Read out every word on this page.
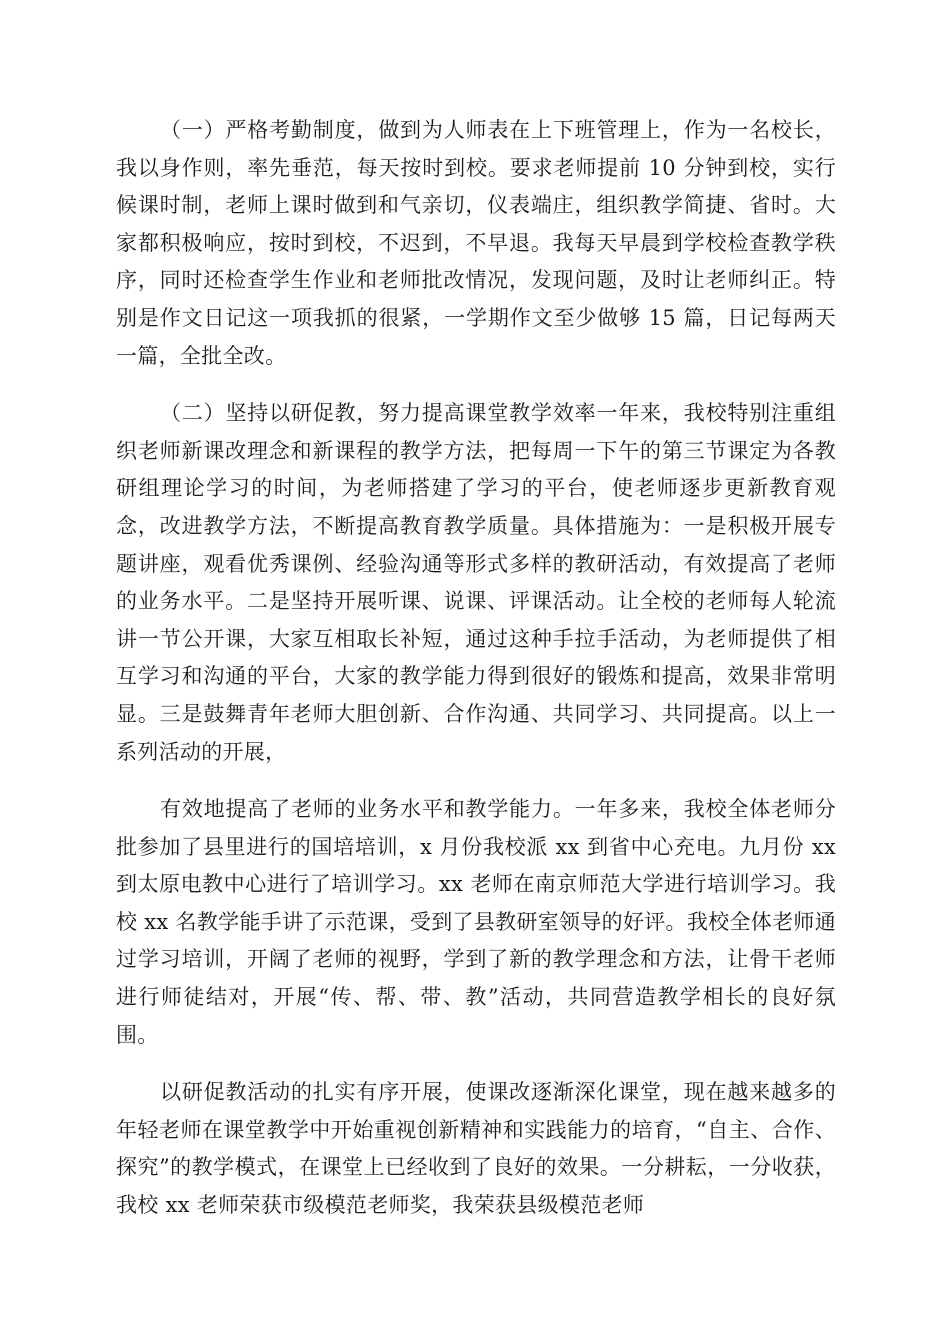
（一）严格考勤制度，做到为人师表在上下班管理上，作为一名校长，我以身作则，率先垂范，每天按时到校。要求老师提前 10 分钟到校，实行候课时制，老师上课时做到和气亲切，仪表端庄，组织教学简捷、省时。大家都积极响应，按时到校，不迟到，不早退。我每天早晨到学校检查教学秩序，同时还检查学生作业和老师批改情况，发现问题，及时让老师纠正。特别是作文日记这一项我抓的很紧，一学期作文至少做够 15 篇，日记每两天一篇，全批全改。

（二）坚持以研促教，努力提高课堂教学效率一年来，我校特别注重组织老师新课改理念和新课程的教学方法，把每周一下午的第三节课定为各教研组理论学习的时间，为老师搭建了学习的平台，使老师逐步更新教育观念，改进教学方法，不断提高教育教学质量。具体措施为：一是积极开展专题讲座，观看优秀课例、经验沟通等形式多样的教研活动，有效提高了老师的业务水平。二是坚持开展听课、说课、评课活动。让全校的老师每人轮流讲一节公开课，大家互相取长补短，通过这种手拉手活动，为老师提供了相互学习和沟通的平台，大家的教学能力得到很好的锻炼和提高，效果非常明显。三是鼓舞青年老师大胆创新、合作沟通、共同学习、共同提高。以上一系列活动的开展，

有效地提高了老师的业务水平和教学能力。一年多来，我校全体老师分批参加了县里进行的国培培训，x 月份我校派 xx 到省中心充电。九月份 xx 到太原电教中心进行了培训学习。xx 老师在南京师范大学进行培训学习。我校 xx 名教学能手讲了示范课，受到了县教研室领导的好评。我校全体老师通过学习培训，开阔了老师的视野，学到了新的教学理念和方法，让骨干老师进行师徒结对，开展“传、帮、带、教”活动，共同营造教学相长的良好氛围。

以研促教活动的扎实有序开展，使课改逐渐深化课堂，现在越来越多的年轻老师在课堂教学中开始重视创新精神和实践能力的培育，“自主、合作、探究”的教学模式，在课堂上已经收到了良好的效果。一分耕耘，一分收获，我校 xx 老师荣获市级模范老师奖，我荣获县级模范老师
